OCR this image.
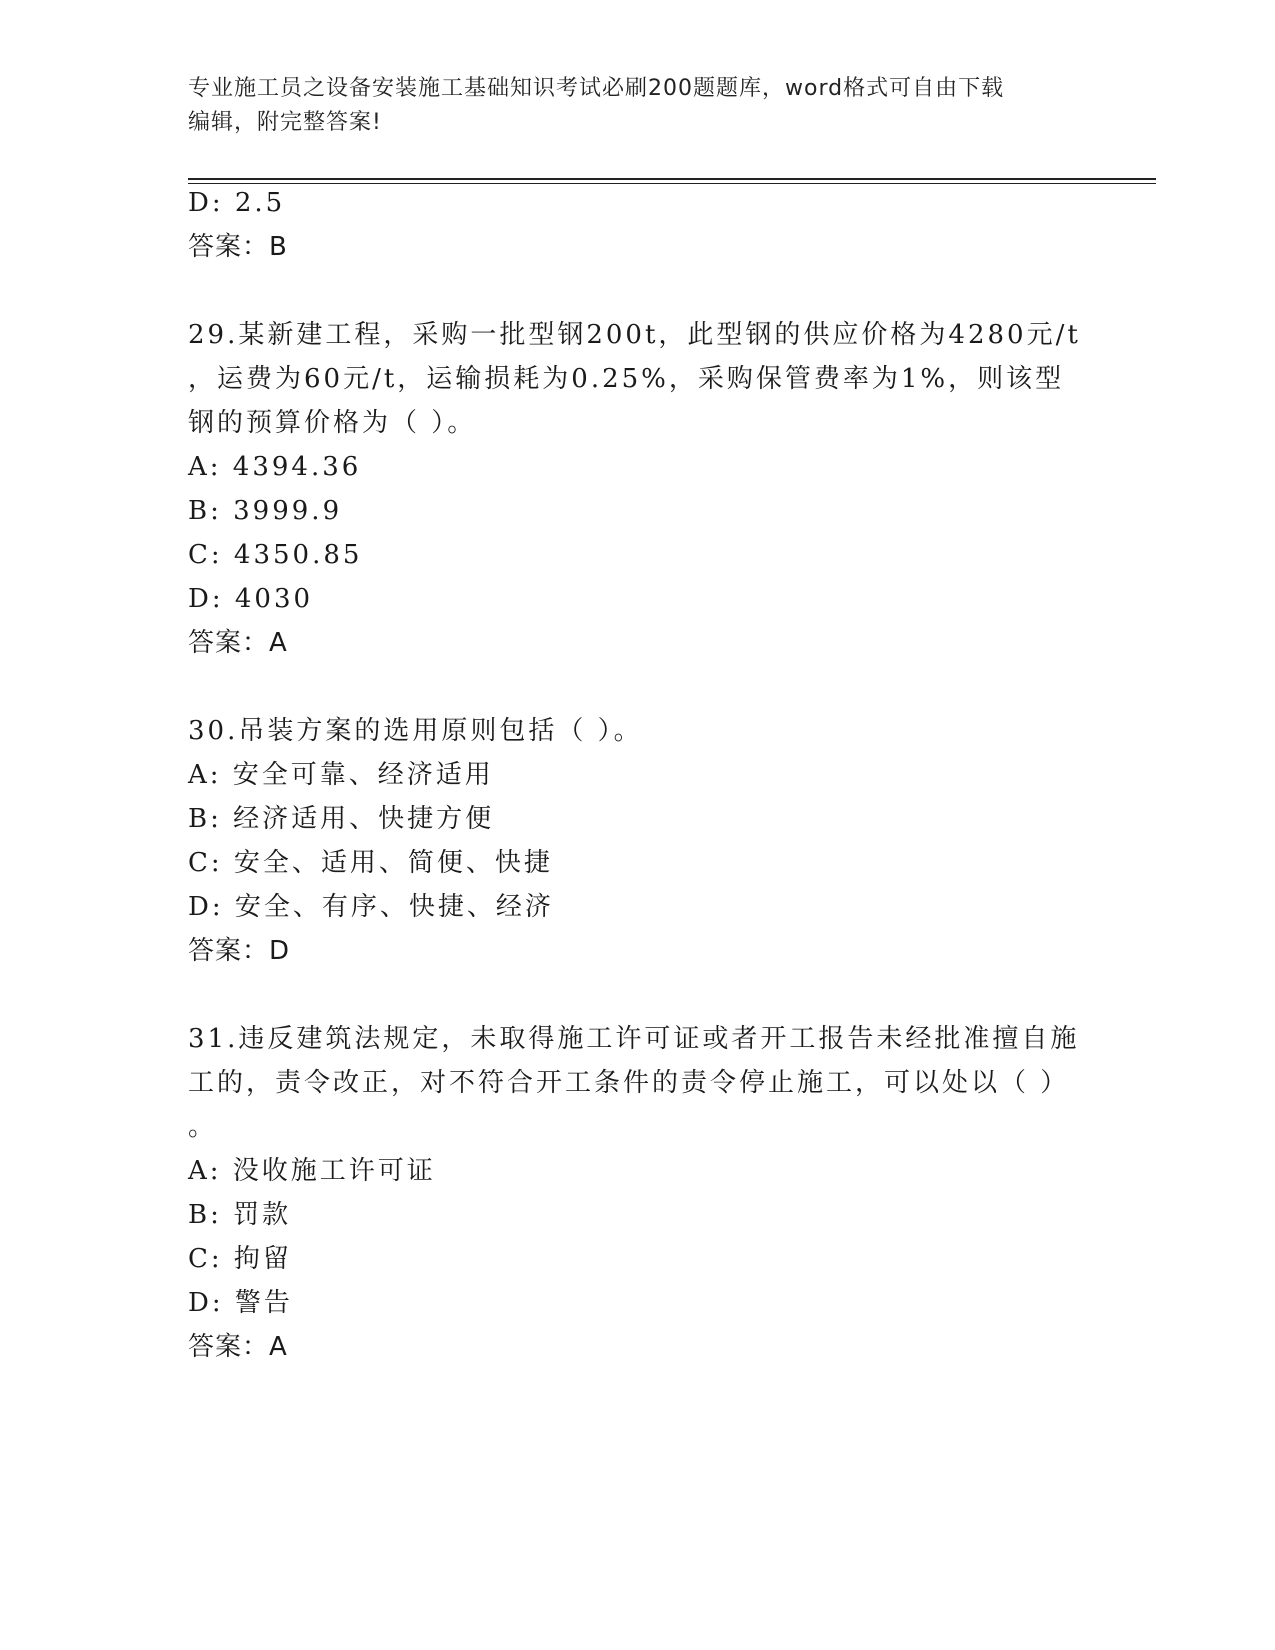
专业施工员之设备安装施工基础知识考试必刷200题题库，word格式可自由下载
编辑，附完整答案!
D: 2.5
答案：B
29.某新建工程，采购一批型钢200t，此型钢的供应价格为4280元/t
，运费为60元/t，运输损耗为0.25%，采购保管费率为1%，则该型
钢的预算价格为（ ）。
A: 4394.36
B: 3999.9
C: 4350.85
D: 4030
答案：A
30.吊装方案的选用原则包括（ ）。
A: 安全可靠、经济适用
B: 经济适用、快捷方便
C: 安全、适用、简便、快捷
D: 安全、有序、快捷、经济
答案：D
31.违反建筑法规定，未取得施工许可证或者开工报告未经批准擅自施
工的，责令改正，对不符合开工条件的责令停止施工，可以处以（ ）
。
A: 没收施工许可证
B: 罚款
C: 拘留
D: 警告
答案：A
